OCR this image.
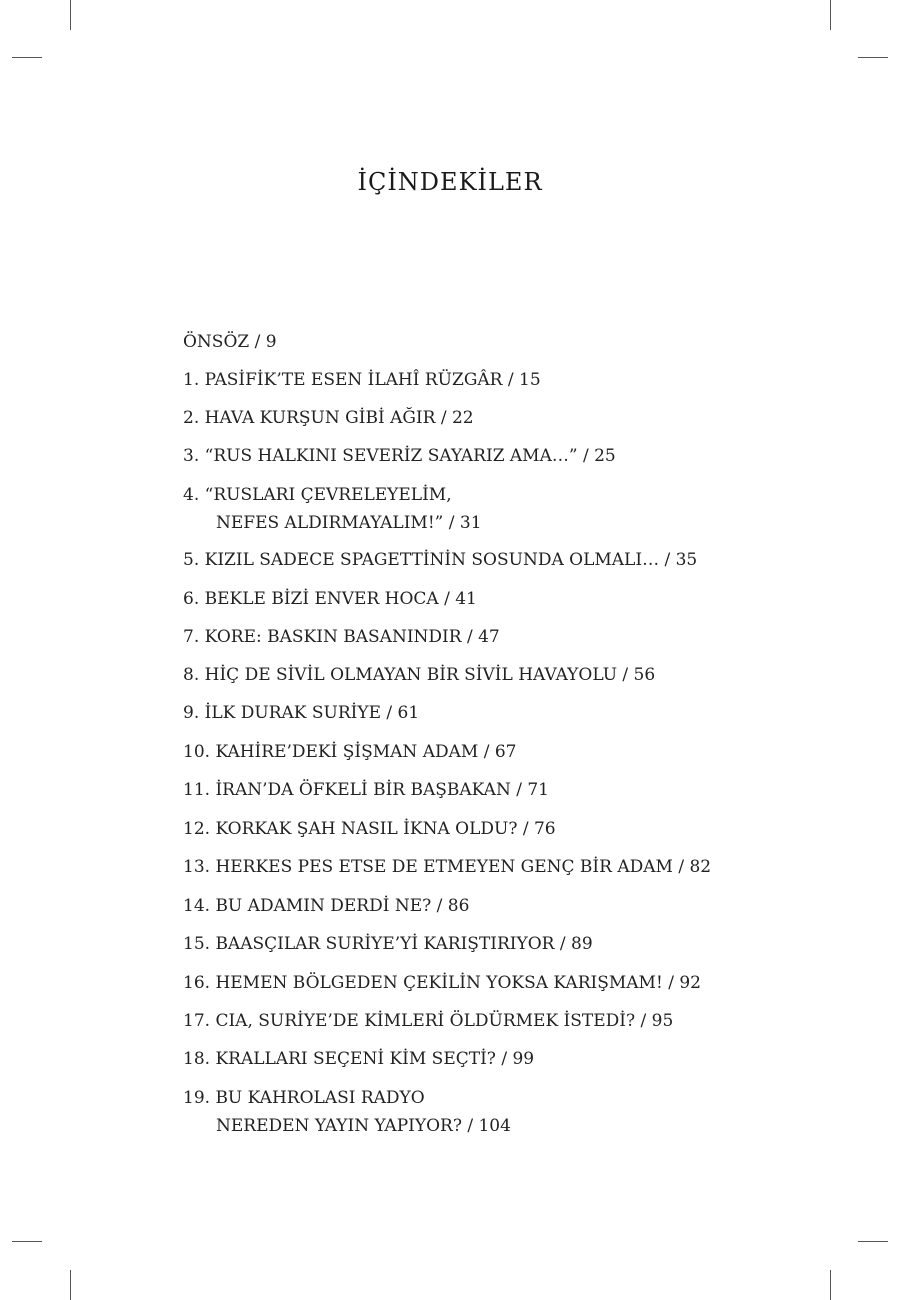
İÇİNDEKİLER
ÖNSÖZ / 9
1. PASİFİK’TE ESEN İLAHÎ RÜZGÂR / 15
2. HAVA KURŞUN GİBİ AĞIR / 22
3. “RUS HALKINI SEVERİZ SAYARIZ AMA…” / 25
4. “RUSLARI ÇEVRELEYELİM,
NEFES ALDIRMAYALIM!” / 31
5. KIZIL SADECE SPAGETTİNİN SOSUNDA OLMALI… / 35
6. BEKLE BİZİ ENVER HOCA / 41
7. KORE: BASKIN BASANINDIR / 47
8. HİÇ DE SİVİL OLMAYAN BİR SİVİL HAVAYOLU / 56
9. İLK DURAK SURİYE / 61
10. KAHİRE’DEKİ ŞİŞMAN ADAM / 67
11. İRAN’DA ÖFKELİ BİR BAŞBAKAN / 71
12. KORKAK ŞAH NASIL İKNA OLDU? / 76
13. HERKES PES ETSE DE ETMEYEN GENÇ BİR ADAM / 82
14. BU ADAMIN DERDİ NE? / 86
15. BAASÇILAR SURİYE’Yİ KARIŞTIRIYOR / 89
16. HEMEN BÖLGEDEN ÇEKİLİN YOKSA KARIŞMAM! / 92
17. CIA, SURİYE’DE KİMLERİ ÖLDÜRMEK İSTEDİ? / 95
18. KRALLARI SEÇENİ KİM SEÇTİ? / 99
19. BU KAHROLASI RADYO
NEREDEN YAYIN YAPIYOR? / 104
